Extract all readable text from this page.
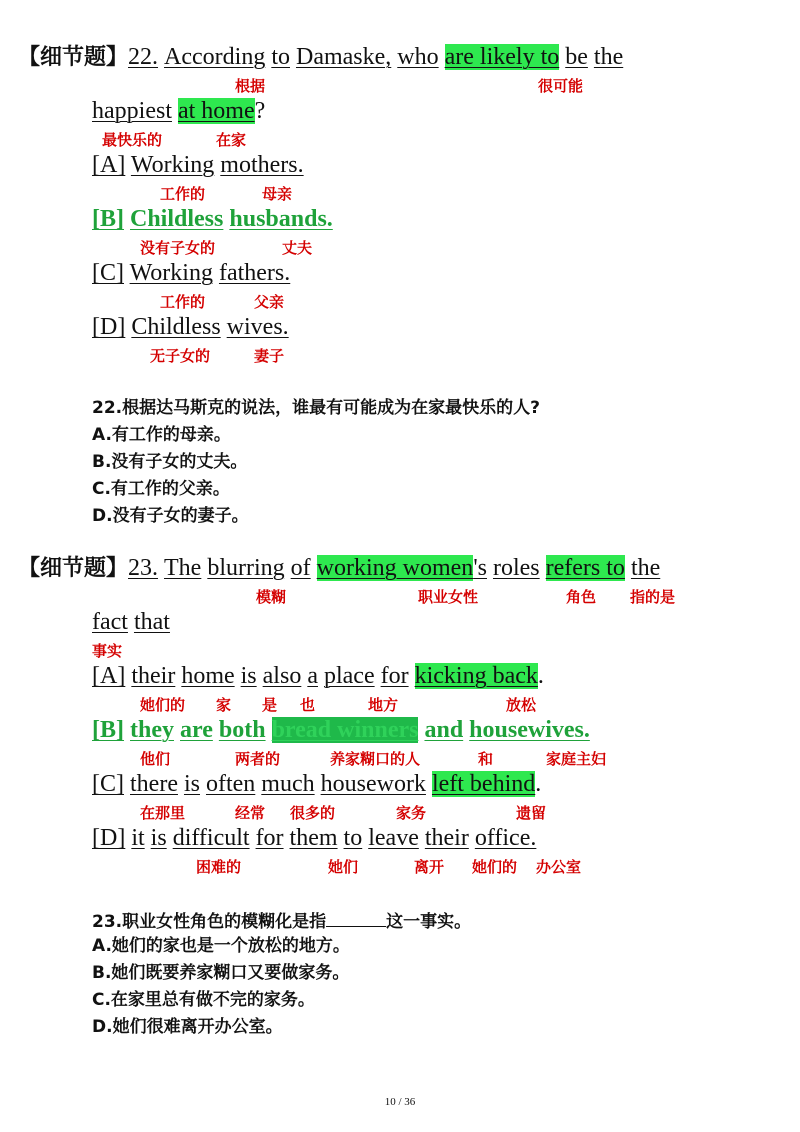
【细节题】22. According to Damaske, who are likely to be the
根据	很可能
happiest at home?
最快乐的	在家
[A] Working mothers.
工作的	母亲
[B] Childless husbands.
没有子女的	丈夫
[C] Working fathers.
工作的	父亲
[D] Childless wives.
无子女的	妻子
22.根据达马斯克的说法，谁最有可能成为在家最快乐的人?
A.有工作的母亲。
B.没有子女的丈夫。
C.有工作的父亲。
D.没有子女的妻子。
【细节题】23. The blurring of working women's roles refers to the
模糊	职业女性	角色 指的是
fact that
事实
[A] their home is also a place for kicking back.
她们的 家 是 也	地方	放松
[B] they are both bread winners and housewives.
他们	两者的	养家糊口的人	和	家庭主妇
[C] there is often much housework left behind.
在那里	经常 很多的	家务	遗留
[D] it is difficult for them to leave their office.
困难的	她们	离开 她们的 办公室
23.职业女性角色的模糊化是指	这一事实。
A.她们的家也是一个放松的地方。
B.她们既要养家糊口又要做家务。
C.在家里总有做不完的家务。
D.她们很难离开办公室。
10 / 36
